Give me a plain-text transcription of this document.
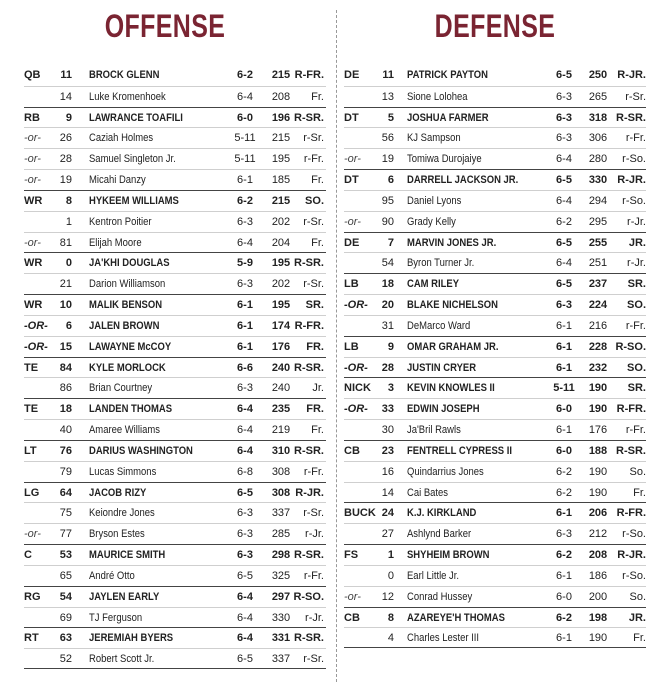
OFFENSE	DEFENSE
QB	11 BROCK GLENN	6-2	215 R-FR.
14 Luke Kromenhoek	6-4	208	Fr.
RB	9 LAWRANCE TOAFILI	6-0	196 R-SR.
-or-	26 Caziah Holmes	5-11	215	r-Sr.
-or-	28 Samuel Singleton Jr.	5-11	195	r-Fr.
-or-	19 Micahi Danzy	6-1	185	Fr.
WR	8 HYKEEM WILLIAMS	6-2	215	SO.
1 Kentron Poitier	6-3	202	r-Sr.
-or-	81 Elijah Moore	6-4	204	Fr.
WR	0 JA'KHI DOUGLAS	5-9	195 R-SR.
21 Darion Williamson	6-3	202	r-Sr.
WR	10 MALIK BENSON	6-1	195	SR.
-OR-	6 JALEN BROWN	6-1	174 R-FR.
-OR-	15 LAWAYNE McCOY	6-1	176	FR.
TE	84 KYLE MORLOCK	6-6	240 R-SR.
86 Brian Courtney	6-3	240	Jr.
TE	18 LANDEN THOMAS	6-4	235	FR.
40 Amaree Williams	6-4	219	Fr.
LT	76 DARIUS WASHINGTON	6-4	310 R-SR.
79 Lucas Simmons	6-8	308	r-Fr.
LG	64 JACOB RIZY	6-5	308 R-JR.
75 Keiondre Jones	6-3	337	r-Sr.
-or-	77 Bryson Estes	6-3	285	r-Jr.
C	53 MAURICE SMITH	6-3	298 R-SR.
65 André Otto	6-5	325	r-Fr.
RG	54 JAYLEN EARLY	6-4	297 R-SO.
69 TJ Ferguson	6-4	330	r-Jr.
RT	63 JEREMIAH BYERS	6-4	331 R-SR.
52 Robert Scott Jr.	6-5	337	r-Sr.
DE	11 PATRICK PAYTON	6-5	250 R-JR.
13 Sione Lolohea	6-3	265	r-Sr.
DT	5 JOSHUA FARMER	6-3	318 R-SR.
56 KJ Sampson	6-3	306	r-Fr.
-or-	19 Tomiwa Durojaiye	6-4	280	r-So.
DT	6 DARRELL JACKSON JR.	6-5	330 R-JR.
95 Daniel Lyons	6-4	294	r-So.
-or-	90 Grady Kelly	6-2	295	r-Jr.
DE	7 MARVIN JONES JR.	6-5	255	JR.
54 Byron Turner Jr.	6-4	251	r-Jr.
LB	18 CAM RILEY	6-5	237	SR.
-OR-	20 BLAKE NICHELSON	6-3	224	SO.
31 DeMarco Ward	6-1	216	r-Fr.
LB	9 OMAR GRAHAM JR.	6-1	228 R-SO.
-OR-	28 JUSTIN CRYER	6-1	232	SO.
NICK	3 KEVIN KNOWLES II	5-11	190	SR.
-OR-	33 EDWIN JOSEPH	6-0	190 R-FR.
30 Ja'Bril Rawls	6-1	176	r-Fr.
CB	23 FENTRELL CYPRESS II	6-0	188 R-SR.
16 Quindarrius Jones	6-2	190	So.
14 Cai Bates	6-2	190	Fr.
BUCK 24 K.J. KIRKLAND	6-1	206 R-FR.
27 Ashlynd Barker	6-3	212	r-So.
FS	1 SHYHEIM BROWN	6-2	208 R-JR.
0 Earl Little Jr.	6-1	186	r-So.
-or-	12 Conrad Hussey	6-0	200	So.
CB	8 AZAREYE'H THOMAS	6-2	198	JR.
4 Charles Lester III	6-1	190	Fr.
